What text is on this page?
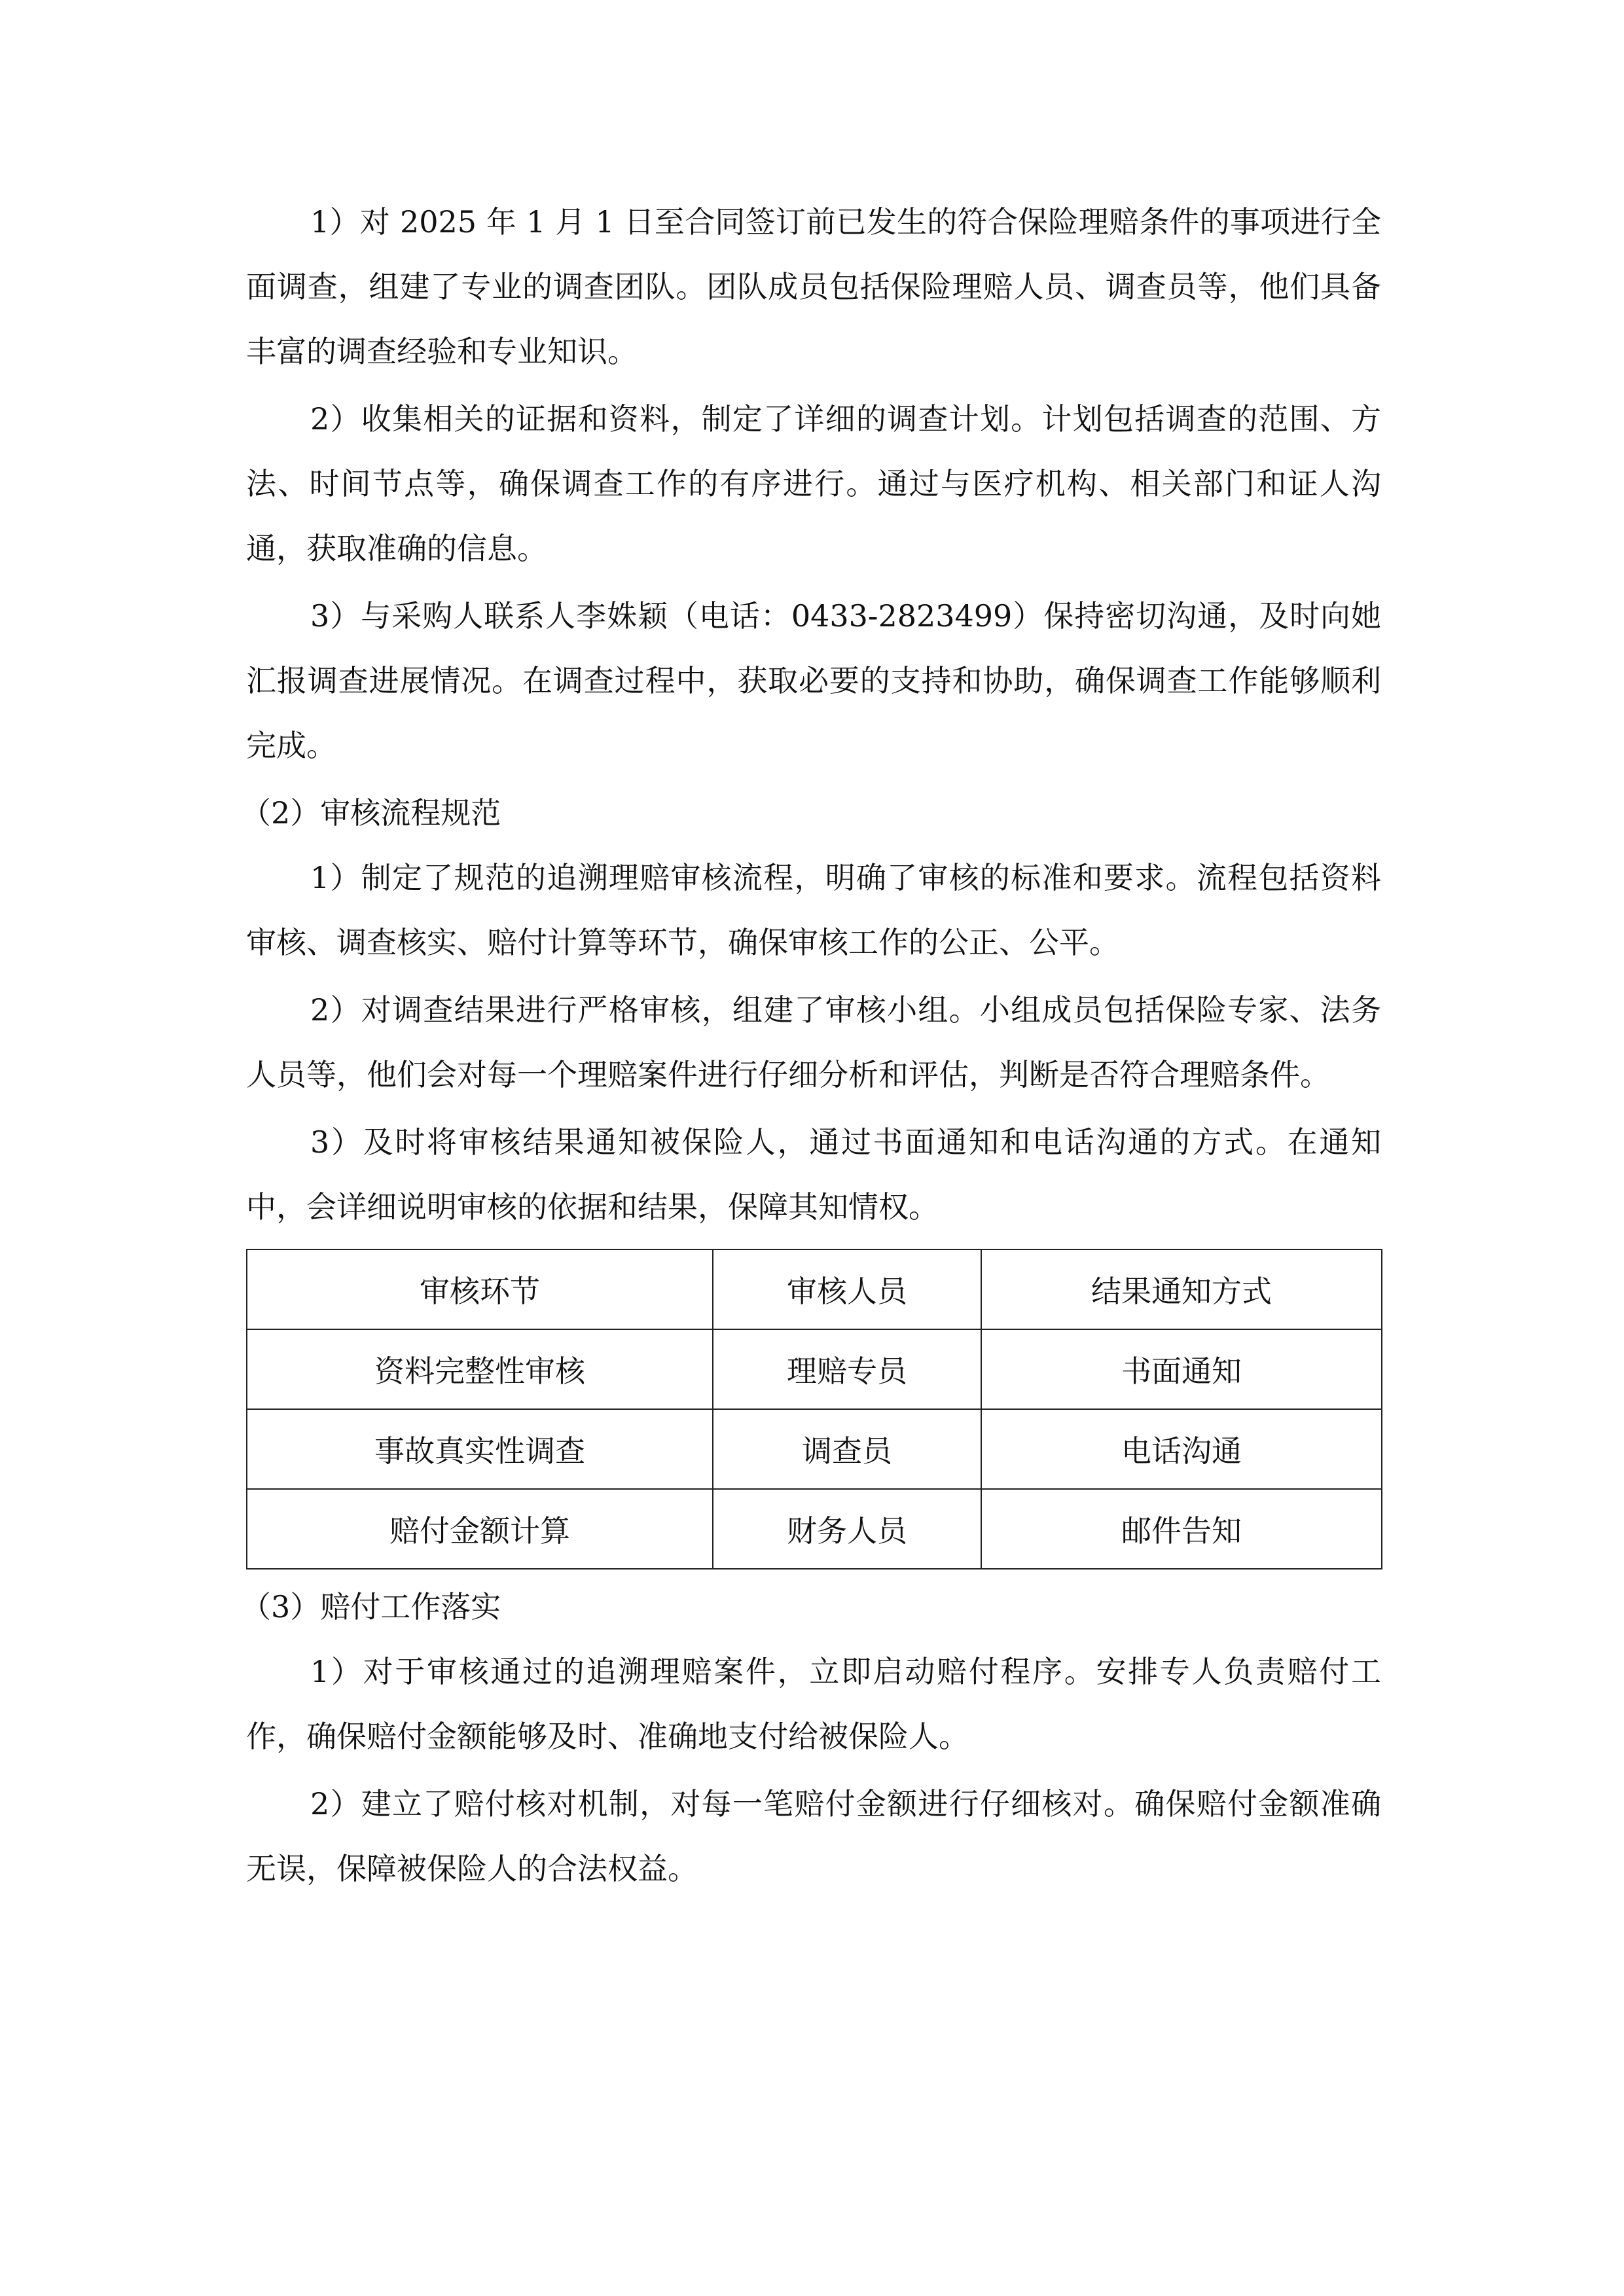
1）对 2025 年 1 月 1 日至合同签订前已发生的符合保险理赔条件的事项进行全面调查，组建了专业的调查团队。团队成员包括保险理赔人员、调查员等，他们具备丰富的调查经验和专业知识。

2）收集相关的证据和资料，制定了详细的调查计划。计划包括调查的范围、方法、时间节点等，确保调查工作的有序进行。通过与医疗机构、相关部门和证人沟通，获取准确的信息。

3）与采购人联系人李姝颖（电话：0433-2823499）保持密切沟通，及时向她汇报调查进展情况。在调查过程中，获取必要的支持和协助，确保调查工作能够顺利完成。

（2）审核流程规范

1）制定了规范的追溯理赔审核流程，明确了审核的标准和要求。流程包括资料审核、调查核实、赔付计算等环节，确保审核工作的公正、公平。

2）对调查结果进行严格审核，组建了审核小组。小组成员包括保险专家、法务人员等，他们会对每一个理赔案件进行仔细分析和评估，判断是否符合理赔条件。

3）及时将审核结果通知被保险人，通过书面通知和电话沟通的方式。在通知中，会详细说明审核的依据和结果，保障其知情权。

审核环节	审核人员	结果通知方式
资料完整性审核	理赔专员	书面通知
事故真实性调查	调查员	电话沟通
赔付金额计算	财务人员	邮件告知

（3）赔付工作落实

1）对于审核通过的追溯理赔案件，立即启动赔付程序。安排专人负责赔付工作，确保赔付金额能够及时、准确地支付给被保险人。

2）建立了赔付核对机制，对每一笔赔付金额进行仔细核对。确保赔付金额准确无误，保障被保险人的合法权益。
